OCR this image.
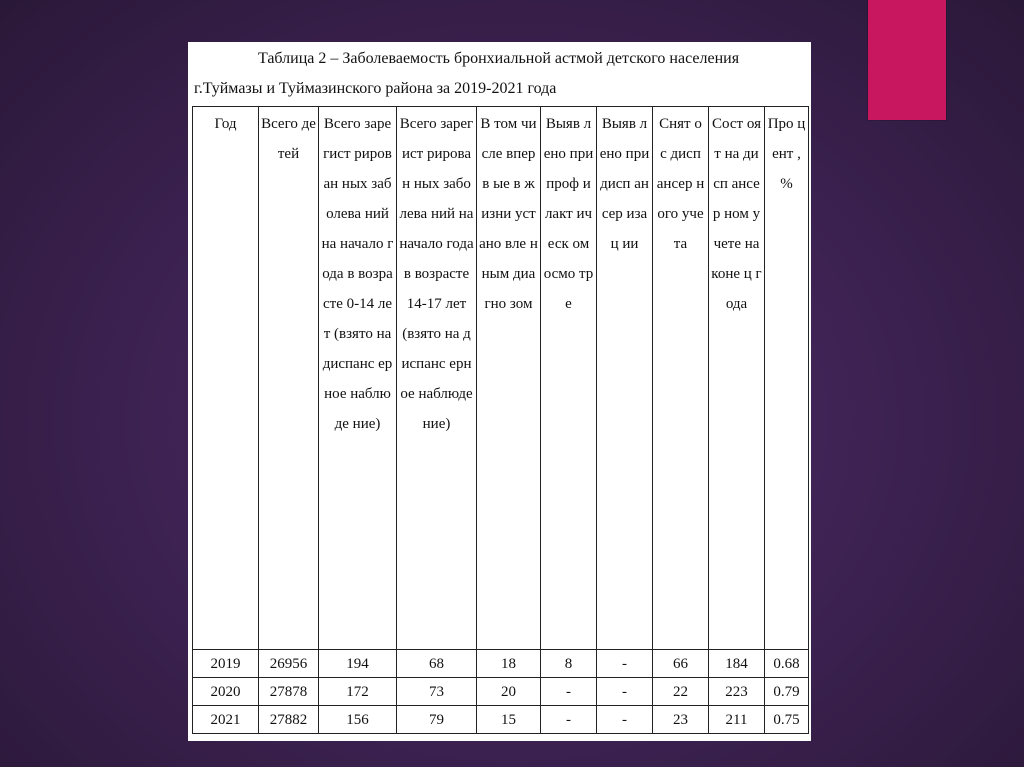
Таблица 2 – Заболеваемость бронхиальной астмой детского населения
г.Туймазы и Туймазинского района за 2019-2021 года
Год	Всего детей	Всего зарегист рирован ных заболева ний на начало года в возрасте 0-14 лет (взято на диспанс ерное наблюде ние)	Всего зарегист рирован ных заболева ний на начало года в возрасте 14-17 лет (взято на диспанс ерное наблюде ние)	В том числе вперв ые в жизни устано вле нным диагно зом	Выяв лено при проф илакт ическ ом осмо тре	Выяв лено при дисп ансер изац ии	Снят о с дисп ансер ного учета	Сост оят на дисп ансер ном учете на коне ц года	Про цент , %
2019	26956	194	68	18	8	-	66	184	0.68
2020	27878	172	73	20	-	-	22	223	0.79
2021	27882	156	79	15	-	-	23	211	0.75
